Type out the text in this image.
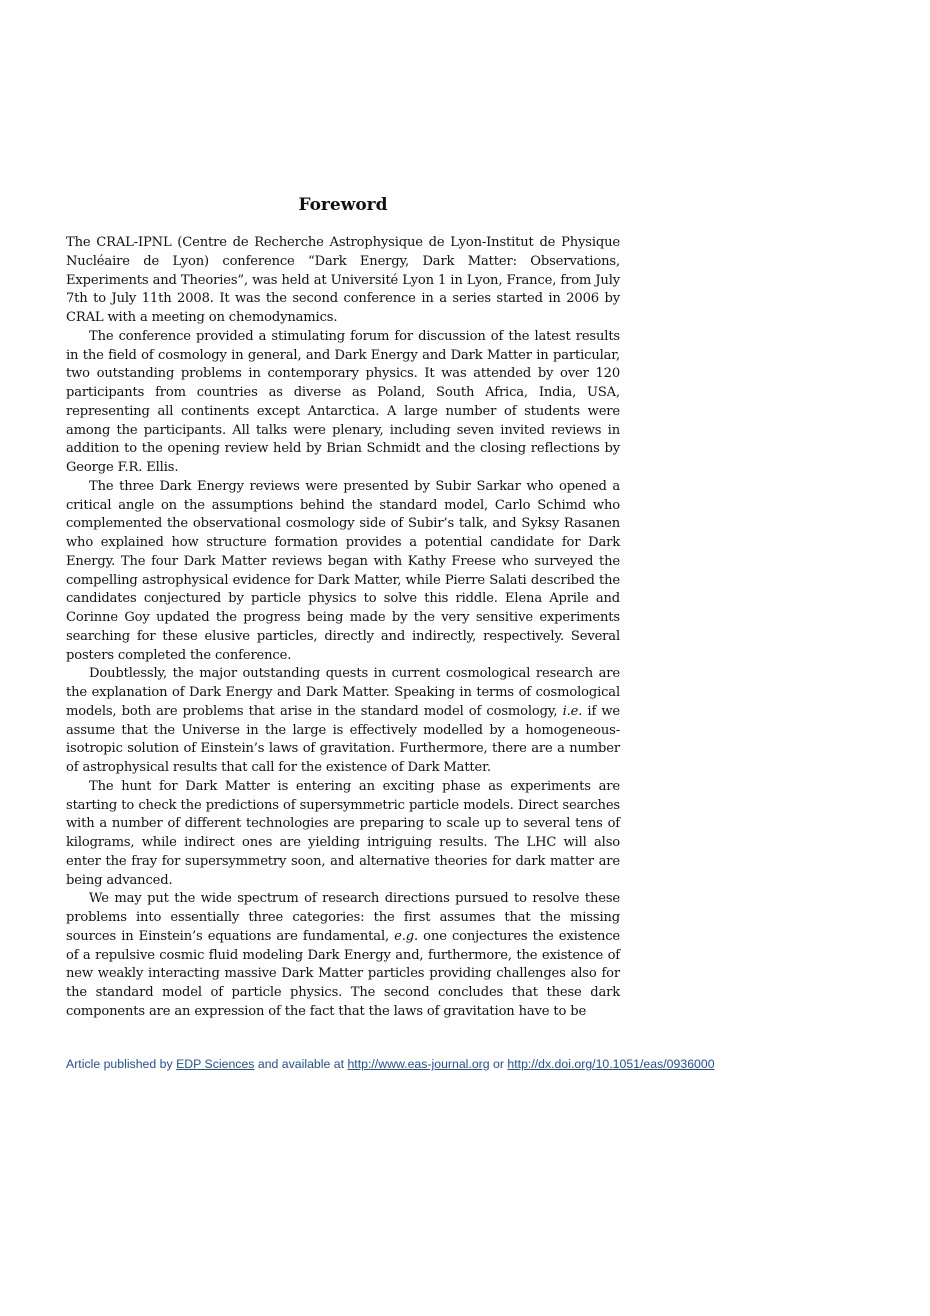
Foreword

The CRAL-IPNL (Centre de Recherche Astrophysique de Lyon-Institut de Physique Nucléaire de Lyon) conference “Dark Energy, Dark Matter: Observations, Experiments and Theories”, was held at Université Lyon 1 in Lyon, France, from July 7th to July 11th 2008. It was the second conference in a series started in 2006 by CRAL with a meeting on chemodynamics.

The conference provided a stimulating forum for discussion of the latest results in the field of cosmology in general, and Dark Energy and Dark Matter in particular, two outstanding problems in contemporary physics. It was attended by over 120 participants from countries as diverse as Poland, South Africa, India, USA, representing all continents except Antarctica. A large number of students were among the participants. All talks were plenary, including seven invited reviews in addition to the opening review held by Brian Schmidt and the closing reflections by George F.R. Ellis.

The three Dark Energy reviews were presented by Subir Sarkar who opened a critical angle on the assumptions behind the standard model, Carlo Schimd who complemented the observational cosmology side of Subir’s talk, and Syksy Rasanen who explained how structure formation provides a potential candidate for Dark Energy. The four Dark Matter reviews began with Kathy Freese who surveyed the compelling astrophysical evidence for Dark Matter, while Pierre Salati described the candidates conjectured by particle physics to solve this riddle. Elena Aprile and Corinne Goy updated the progress being made by the very sensitive experiments searching for these elusive particles, directly and indirectly, respectively. Several posters completed the conference.

Doubtlessly, the major outstanding quests in current cosmological research are the explanation of Dark Energy and Dark Matter. Speaking in terms of cosmological models, both are problems that arise in the standard model of cosmology, i.e. if we assume that the Universe in the large is effectively modelled by a homogeneous-isotropic solution of Einstein’s laws of gravitation. Furthermore, there are a number of astrophysical results that call for the existence of Dark Matter.

The hunt for Dark Matter is entering an exciting phase as experiments are starting to check the predictions of supersymmetric particle models. Direct searches with a number of different technologies are preparing to scale up to several tens of kilograms, while indirect ones are yielding intriguing results. The LHC will also enter the fray for supersymmetry soon, and alternative theories for dark matter are being advanced.

We may put the wide spectrum of research directions pursued to resolve these problems into essentially three categories: the first assumes that the missing sources in Einstein’s equations are fundamental, e.g. one conjectures the existence of a repulsive cosmic fluid modeling Dark Energy and, furthermore, the existence of new weakly interacting massive Dark Matter particles providing challenges also for the standard model of particle physics. The second concludes that these dark components are an expression of the fact that the laws of gravitation have to be

Article published by EDP Sciences and available at http://www.eas-journal.org or http://dx.doi.org/10.1051/eas/0936000
